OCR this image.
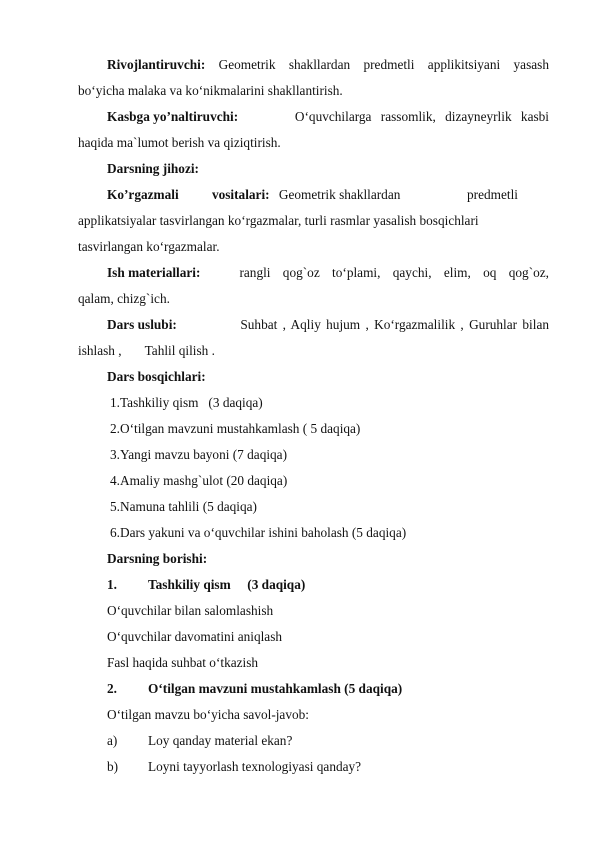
Rivojlantiruvchi: Geometrik shakllardan predmetli applikitsiyani yasash
bo‘yicha malaka va ko‘nikmalarini shakllantirish.
Kasbga yo’naltiruvchi:	O‘quvchilarga rassomlik, dizayneyrlik kasbi
haqida ma`lumot berish va qiziqtirish.
Darsning jihozi:
Ko’rgazmali vositalari: Geometrik shakllardan	predmetli
applikatsiyalar tasvirlangan ko‘rgazmalar, turli rasmlar yasalish bosqichlari
tasvirlangan ko‘rgazmalar.
Ish materiallari:	rangli qog`oz to‘plami, qaychi, elim, oq qog`oz,
qalam, chizg`ich.
Dars uslubi:	Suhbat , Aqliy hujum , Ko‘rgazmalilik , Guruhlar bilan
ishlash ,       Tahlil qilish .
Dars bosqichlari:
1.Tashkiliy qism   (3 daqiqa)
2.O‘tilgan mavzuni mustahkamlash ( 5 daqiqa)
3.Yangi mavzu bayoni (7 daqiqa)
4.Amaliy mashg`ulot (20 daqiqa)
5.Namuna tahlili (5 daqiqa)
6.Dars yakuni va o‘quvchilar ishini baholash (5 daqiqa)
Darsning borishi:
1. Tashkiliy qism     (3 daqiqa)
O‘quvchilar bilan salomlashish
O‘quvchilar davomatini aniqlash
Fasl haqida suhbat o‘tkazish
2. O‘tilgan mavzuni mustahkamlash (5 daqiqa)
O‘tilgan mavzu bo‘yicha savol-javob:
a) Loy qanday material ekan?
b) Loyni tayyorlash texnologiyasi qanday?
